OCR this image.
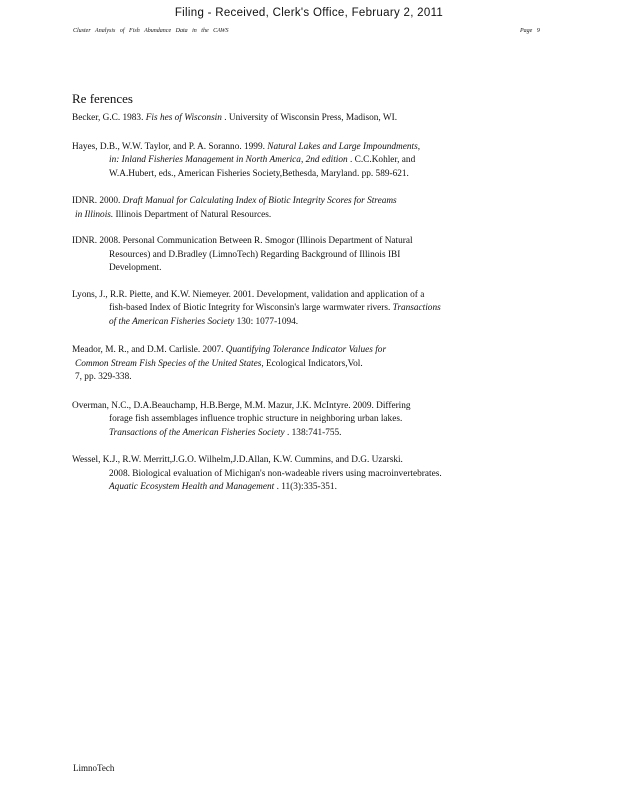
Filing - Received, Clerk's Office, February 2, 2011
Cluster Analysis of Fish Abundance Data in the CAWS	Page 9
Re ferences
Becker, G.C. 1983. Fis hes of Wisconsin . University of Wisconsin Press, Madison, WI.
Hayes, D.B., W.W. Taylor, and P. A. Soranno. 1999. Natural Lakes and Large Impoundments,
in: Inland Fisheries Management in North America, 2nd edition . C.C.Kohler, and
W.A.Hubert, eds., American Fisheries Society,Bethesda, Maryland. pp. 589-621.
IDNR. 2000. Draft Manual for Calculating Index of Biotic Integrity Scores for Streams
in Illinois. Illinois Department of Natural Resources.
IDNR. 2008. Personal Communication Between R. Smogor (Illinois Department of Natural
Resources) and D.Bradley (LimnoTech) Regarding Background of Illinois IBI
Development.
Lyons, J., R.R. Piette, and K.W. Niemeyer. 2001. Development, validation and application of a
fish-based Index of Biotic Integrity for Wisconsin's large warmwater rivers. Transactions
of the American Fisheries Society 130: 1077-1094.
Meador, M. R., and D.M. Carlisle. 2007. Quantifying Tolerance Indicator Values for
Common Stream Fish Species of the United States, Ecological Indicators,Vol.
7, pp. 329-338.
Overman, N.C., D.A.Beauchamp, H.B.Berge, M.M. Mazur, J.K. McIntyre. 2009. Differing
forage fish assemblages influence trophic structure in neighboring urban lakes.
Transactions of the American Fisheries Society . 138:741-755.
Wessel, K.J., R.W. Merritt,J.G.O. Wilhelm,J.D.Allan, K.W. Cummins, and D.G. Uzarski.
2008. Biological evaluation of Michigan's non-wadeable rivers using macroinvertebrates.
Aquatic Ecosystem Health and Management . 11(3):335-351.
LimnoTech
